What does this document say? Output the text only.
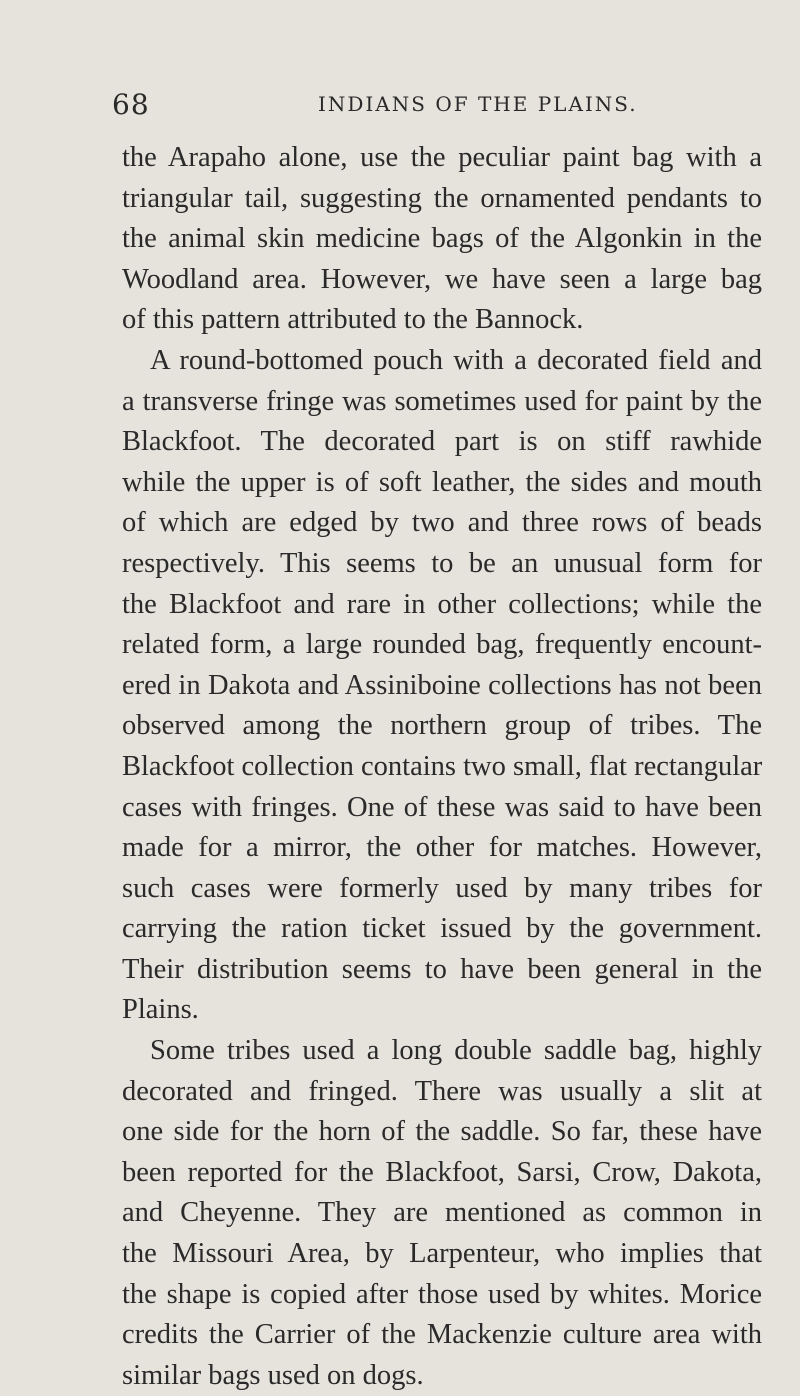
68	INDIANS OF THE PLAINS.
the Arapaho alone, use the peculiar paint bag with a
triangular tail, suggesting the ornamented pendants to
the animal skin medicine bags of the Algonkin in the
Woodland area. However, we have seen a large bag
of this pattern attributed to the Bannock.
A round-bottomed pouch with a decorated field and
a transverse fringe was sometimes used for paint by the
Blackfoot. The decorated part is on stiff rawhide
while the upper is of soft leather, the sides and mouth
of which are edged by two and three rows of beads
respectively. This seems to be an unusual form for
the Blackfoot and rare in other collections; while the
related form, a large rounded bag, frequently encount-
ered in Dakota and Assiniboine collections has not been
observed among the northern group of tribes. The
Blackfoot collection contains two small, flat rectangular
cases with fringes. One of these was said to have been
made for a mirror, the other for matches. However,
such cases were formerly used by many tribes for
carrying the ration ticket issued by the government.
Their distribution seems to have been general in the
Plains.
Some tribes used a long double saddle bag, highly
decorated and fringed. There was usually a slit at
one side for the horn of the saddle. So far, these have
been reported for the Blackfoot, Sarsi, Crow, Dakota,
and Cheyenne. They are mentioned as common in
the Missouri Area, by Larpenteur, who implies that
the shape is copied after those used by whites. Morice
credits the Carrier of the Mackenzie culture area with
similar bags used on dogs.
